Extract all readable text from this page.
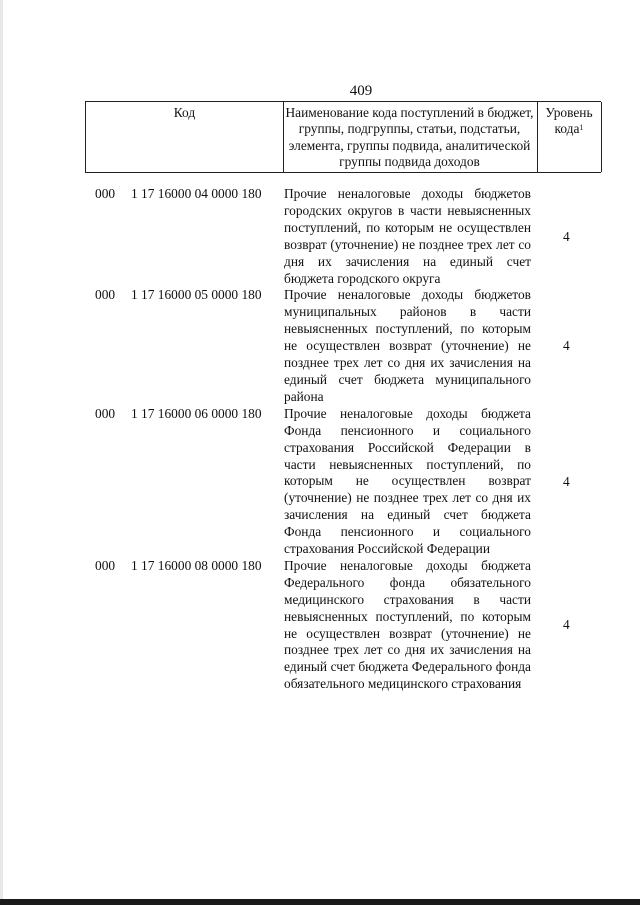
409
Код	Наименование кода поступлений в бюджет, группы, подгруппы, статьи, подстатьи, элемента, группы подвида, аналитической группы подвида доходов
Уровень кода$^1$
000 1 17 16000 04 0000 180 Прочие неналоговые доходы бюджетов городских округов в части невыясненных поступлений, по которым не осуществлен возврат (уточнение) не позднее трех лет со дня их зачисления на единый счет бюджета городского округа
4
000 1 17 16000 05 0000 180 Прочие неналоговые доходы бюджетов муниципальных районов в части невыясненных поступлений, по которым не осуществлен возврат (уточнение) не позднее трех лет со дня их зачисления на единый счет бюджета муниципального района
4
000 1 17 16000 06 0000 180 Прочие неналоговые доходы бюджета Фонда пенсионного и социального страхования Российской Федерации в части невыясненных поступлений, по которым не осуществлен возврат (уточнение) не позднее трех лет со дня их зачисления на единый счет бюджета Фонда пенсионного и социального страхования Российской Федерации
4
000 1 17 16000 08 0000 180 Прочие неналоговые доходы бюджета Федерального фонда обязательного медицинского страхования в части невыясненных поступлений, по которым не осуществлен возврат (уточнение) не позднее трех лет со дня их зачисления на единый счет бюджета Федерального фонда обязательного медицинского страхования
4
